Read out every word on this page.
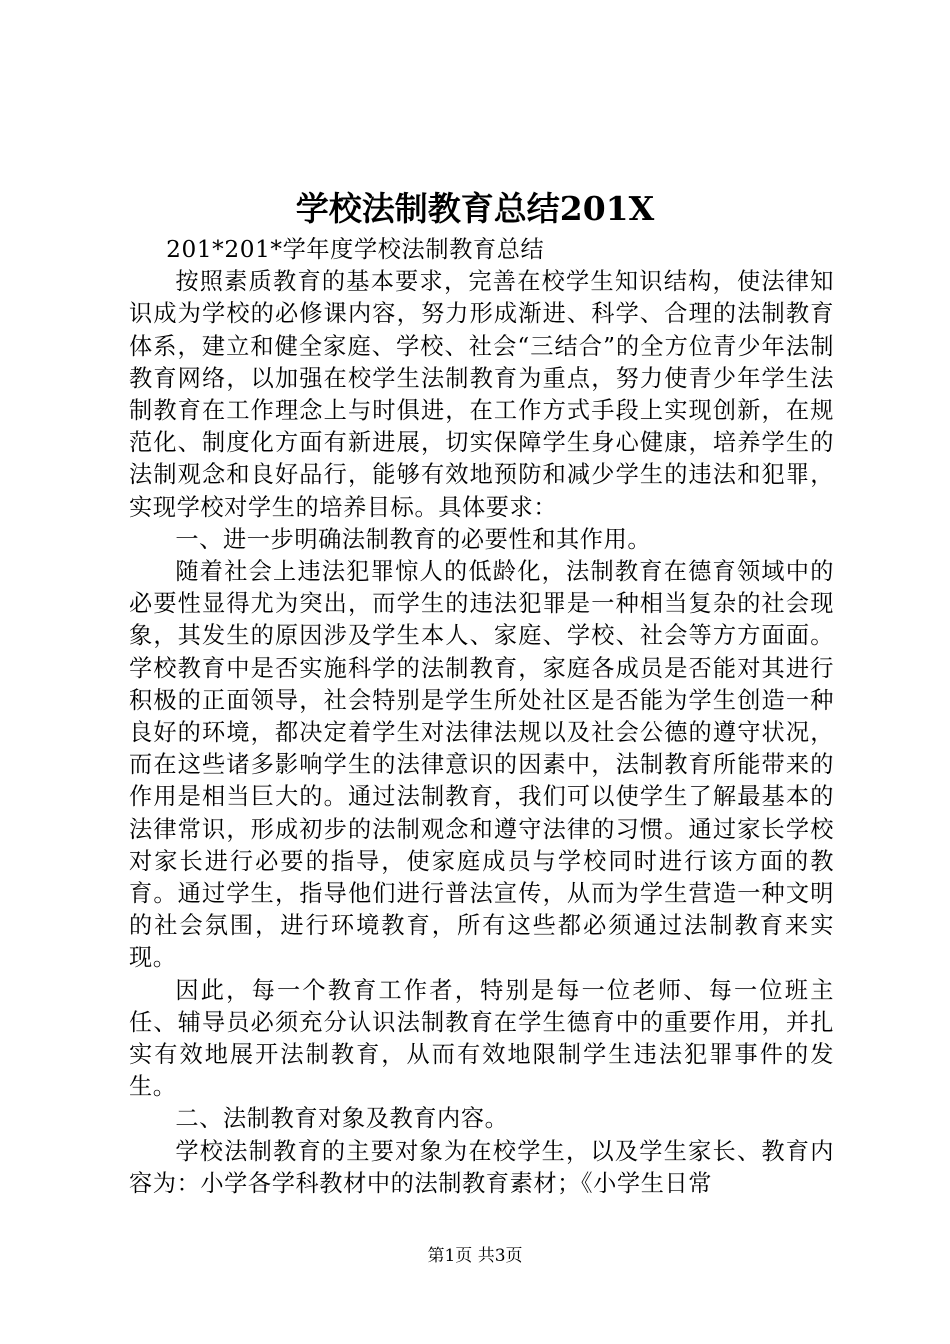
学校法制教育总结201X

201*201*学年度学校法制教育总结

按照素质教育的基本要求，完善在校学生知识结构，使法律知识成为学校的必修课内容，努力形成渐进、科学、合理的法制教育体系，建立和健全家庭、学校、社会“三结合”的全方位青少年法制教育网络，以加强在校学生法制教育为重点，努力使青少年学生法制教育在工作理念上与时俱进，在工作方式手段上实现创新，在规范化、制度化方面有新进展，切实保障学生身心健康，培养学生的法制观念和良好品行，能够有效地预防和减少学生的违法和犯罪，实现学校对学生的培养目标。具体要求：

一、进一步明确法制教育的必要性和其作用。

随着社会上违法犯罪惊人的低龄化，法制教育在德育领域中的必要性显得尤为突出，而学生的违法犯罪是一种相当复杂的社会现象，其发生的原因涉及学生本人、家庭、学校、社会等方方面面。学校教育中是否实施科学的法制教育，家庭各成员是否能对其进行积极的正面领导，社会特别是学生所处社区是否能为学生创造一种良好的环境，都决定着学生对法律法规以及社会公德的遵守状况，而在这些诸多影响学生的法律意识的因素中，法制教育所能带来的作用是相当巨大的。通过法制教育，我们可以使学生了解最基本的法律常识，形成初步的法制观念和遵守法律的习惯。通过家长学校对家长进行必要的指导，使家庭成员与学校同时进行该方面的教育。通过学生，指导他们进行普法宣传，从而为学生营造一种文明的社会氛围，进行环境教育，所有这些都必须通过法制教育来实现。

因此，每一个教育工作者，特别是每一位老师、每一位班主任、辅导员必须充分认识法制教育在学生德育中的重要作用，并扎实有效地展开法制教育，从而有效地限制学生违法犯罪事件的发生。

二、法制教育对象及教育内容。

学校法制教育的主要对象为在校学生，以及学生家长、教育内容为：小学各学科教材中的法制教育素材；《小学生日常

第1页 共3页
